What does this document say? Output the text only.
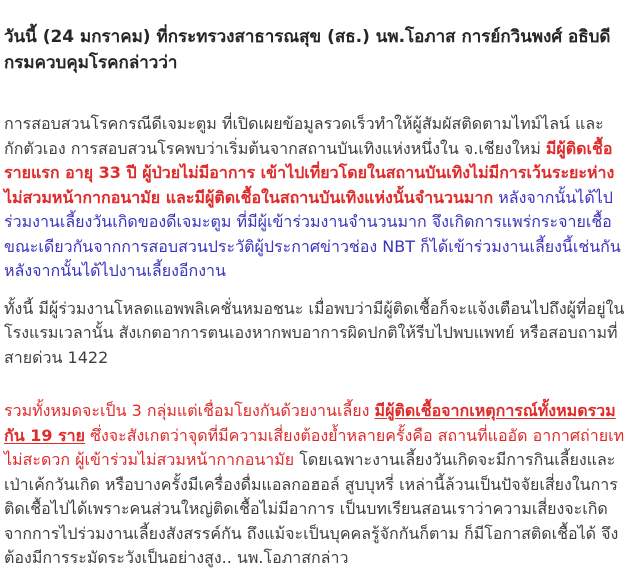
วันนี้ (24 มกราคม) ที่กระทรวงสาธารณสุข (สธ.) นพ.โอภาส การย์กวินพงศ์ อธิบดีกรมควบคุมโรคกล่าวว่า

การสอบสวนโรคกรณีดีเจมะตูม ที่เปิดเผยข้อมูลรวดเร็วทำให้ผู้สัมผัสติดตามไทม์ไลน์ และกักตัวเอง การสอบสวนโรคพบว่าเริ่มต้นจากสถานบันเทิงแห่งหนึ่งใน จ.เชียงใหม่ มีผู้ติดเชื้อรายแรก อายุ 33 ปี ผู้ป่วยไม่มีอาการ เข้าไปเที่ยวโดยในสถานบันเทิงไม่มีการเว้นระยะห่าง ไม่สวมหน้ากากอนามัย และมีผู้ติดเชื้อในสถานบันเทิงแห่งนั้นจำนวนมาก หลังจากนั้นได้ไปร่วมงานเลี้ยงวันเกิดของดีเจมะตูม ที่มีผู้เข้าร่วมงานจำนวนมาก จึงเกิดการแพร่กระจายเชื้อ ขณะเดียวกันจากการสอบสวนประวัติผู้ประกาศข่าวช่อง NBT ก็ได้เข้าร่วมงานเลี้ยงนี้เช่นกัน หลังจากนั้นได้ไปงานเลี้ยงอีกงาน

ทั้งนี้ มีผู้ร่วมงานโหลดแอพพลิเคชั่นหมอชนะ เมื่อพบว่ามีผู้ติดเชื้อก็จะแจ้งเตือนไปถึงผู้ที่อยู่ในโรงแรมเวลานั้น สังเกตอาการตนเองหากพบอาการผิดปกติให้รีบไปพบแพทย์ หรือสอบถามที่สายด่วน 1422

รวมทั้งหมดจะเป็น 3 กลุ่มแต่เชื่อมโยงกันด้วยงานเลี้ยง มีผู้ติดเชื้อจากเหตุการณ์ทั้งหมดรวมกัน 19 ราย ซึ่งจะสังเกตว่าจุดที่มีความเสี่ยงต้องย้ำหลายครั้งคือ สถานที่แออัด อากาศถ่ายเทไม่สะดวก ผู้เข้าร่วมไม่สวมหน้ากากอนามัย โดยเฉพาะงานเลี้ยงวันเกิดจะมีการกินเลี้ยงและเป่าเค้กวันเกิด หรือบางครั้งมีเครื่องดื่มแอลกอฮอล์ สูบบุหรี่ เหล่านี้ล้วนเป็นปัจจัยเสี่ยงในการติดเชื้อไปได้เพราะคนส่วนใหญ่ติดเชื้อไม่มีอาการ เป็นบทเรียนสอนเราว่าความเสี่ยงจะเกิดจากการไปร่วมงานเลี้ยงสังสรรค์กัน ถึงแม้จะเป็นบุคคลรู้จักกันก็ตาม ก็มีโอกาสติดเชื้อได้ จึงต้องมีการระมัดระวังเป็นอย่างสูง.. นพ.โอภาสกล่าว
